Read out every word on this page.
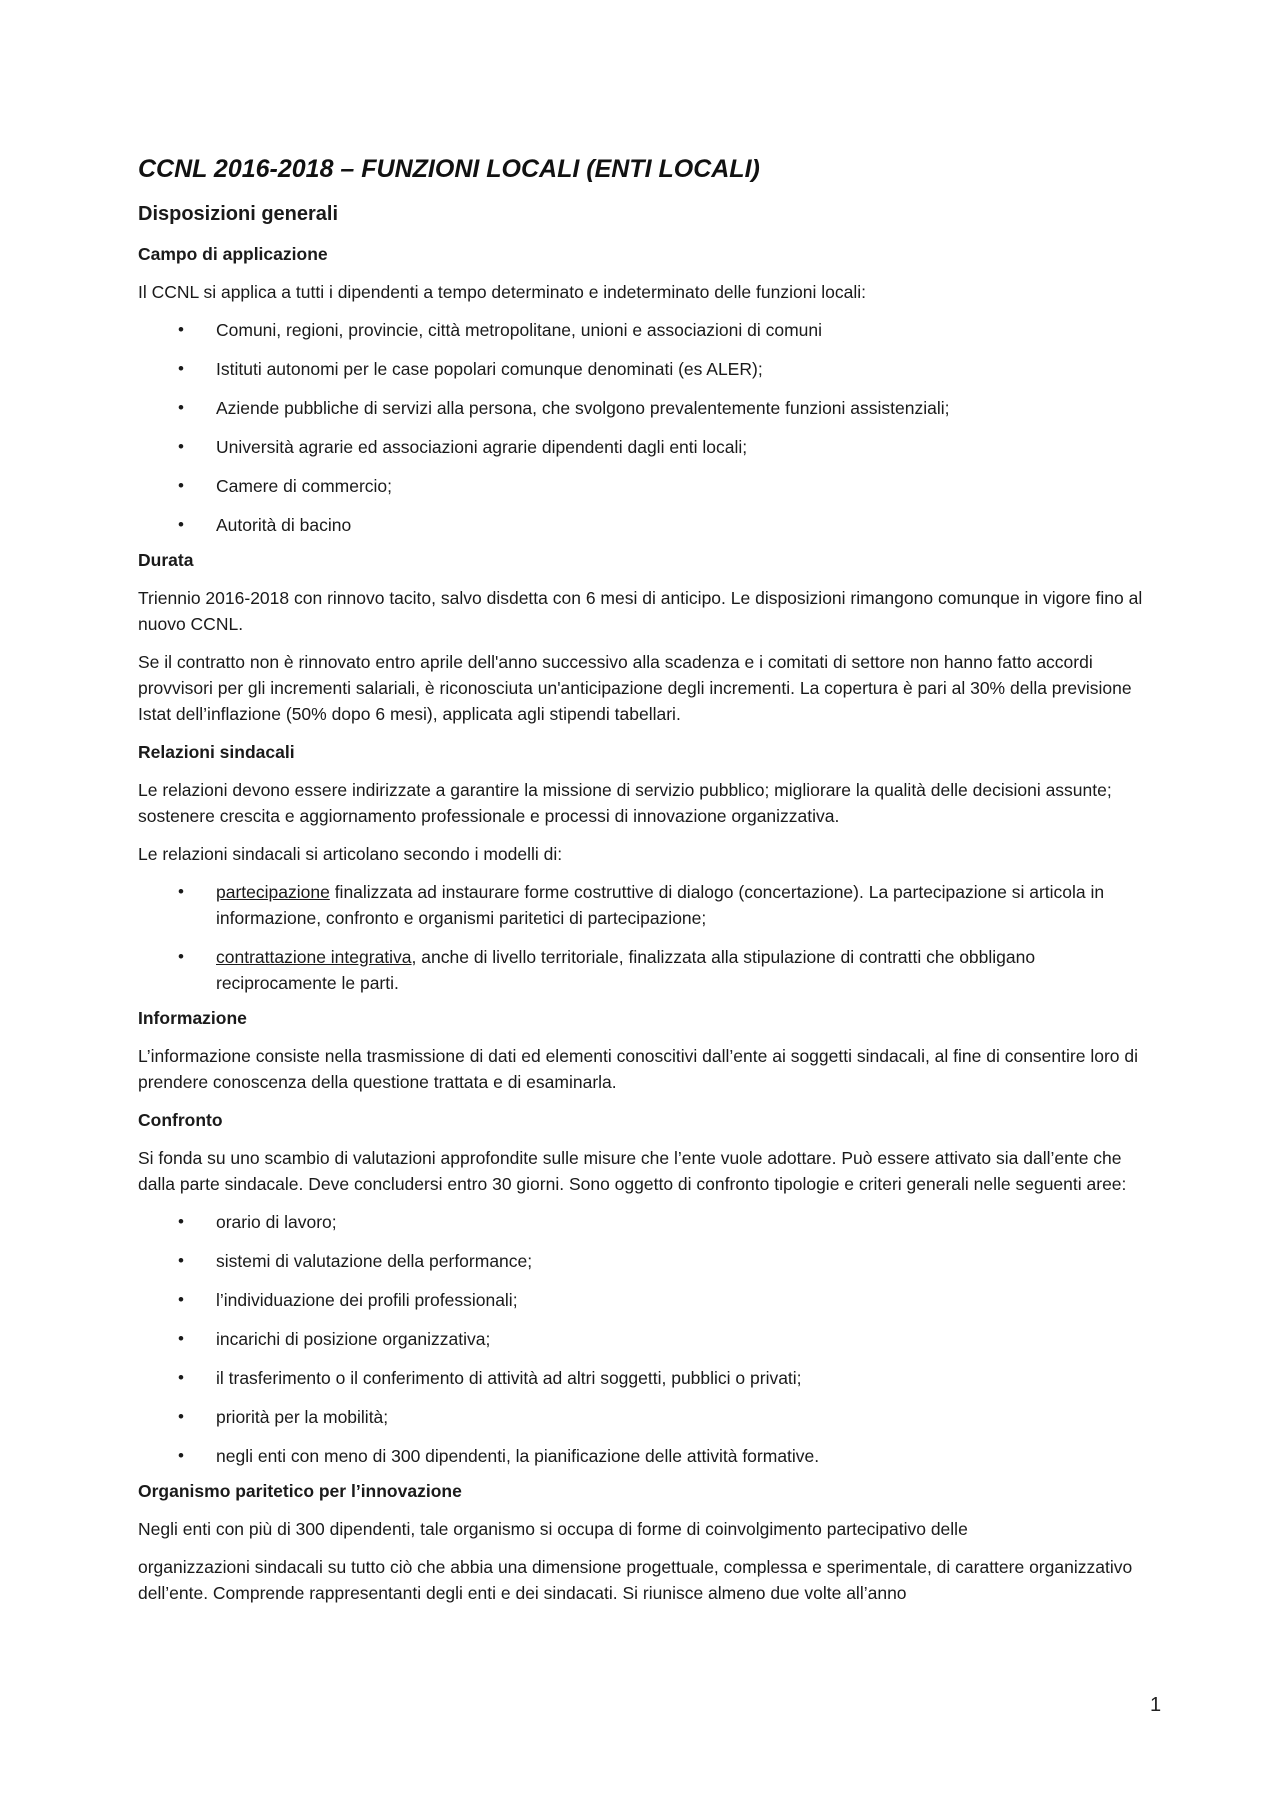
CCNL 2016-2018 – FUNZIONI LOCALI (ENTI LOCALI)
Disposizioni generali
Campo di applicazione
Il CCNL si applica a tutti i dipendenti a tempo determinato e indeterminato delle funzioni locali:
• Comuni, regioni, provincie, città metropolitane, unioni e associazioni di comuni
• Istituti autonomi per le case popolari comunque denominati (es ALER);
• Aziende pubbliche di servizi alla persona, che svolgono prevalentemente funzioni assistenziali;
• Università agrarie ed associazioni agrarie dipendenti dagli enti locali;
• Camere di commercio;
• Autorità di bacino
Durata
Triennio 2016-2018 con rinnovo tacito, salvo disdetta con 6 mesi di anticipo. Le disposizioni rimangono comunque in vigore fino al nuovo CCNL.
Se il contratto non è rinnovato entro aprile dell'anno successivo alla scadenza e i comitati di settore non hanno fatto accordi provvisori per gli incrementi salariali, è riconosciuta un'anticipazione degli incrementi. La copertura è pari al 30% della previsione Istat dell’inflazione (50% dopo 6 mesi), applicata agli stipendi tabellari.
Relazioni sindacali
Le relazioni devono essere indirizzate a garantire la missione di servizio pubblico; migliorare la qualità delle decisioni assunte; sostenere crescita e aggiornamento professionale e processi di innovazione organizzativa.
Le relazioni sindacali si articolano secondo i modelli di:
• partecipazione finalizzata ad instaurare forme costruttive di dialogo (concertazione). La partecipazione si articola in informazione, confronto e organismi paritetici di partecipazione;
• contrattazione integrativa, anche di livello territoriale, finalizzata alla stipulazione di contratti che obbligano reciprocamente le parti.
Informazione
L’informazione consiste nella trasmissione di dati ed elementi conoscitivi dall’ente ai soggetti sindacali, al fine di consentire loro di prendere conoscenza della questione trattata e di esaminarla.
Confronto
Si fonda su uno scambio di valutazioni approfondite sulle misure che l’ente vuole adottare. Può essere attivato sia dall’ente che dalla parte sindacale. Deve concludersi entro 30 giorni. Sono oggetto di confronto tipologie e criteri generali nelle seguenti aree:
• orario di lavoro;
• sistemi di valutazione della performance;
• l’individuazione dei profili professionali;
• incarichi di posizione organizzativa;
• il trasferimento o il conferimento di attività ad altri soggetti, pubblici o privati;
• priorità per la mobilità;
• negli enti con meno di 300 dipendenti, la pianificazione delle attività formative.
Organismo paritetico per l’innovazione
Negli enti con più di 300 dipendenti, tale organismo si occupa di forme di coinvolgimento partecipativo delle
organizzazioni sindacali su tutto ciò che abbia una dimensione progettuale, complessa e sperimentale, di carattere organizzativo dell’ente. Comprende rappresentanti degli enti e dei sindacati. Si riunisce almeno due volte all’anno
1
